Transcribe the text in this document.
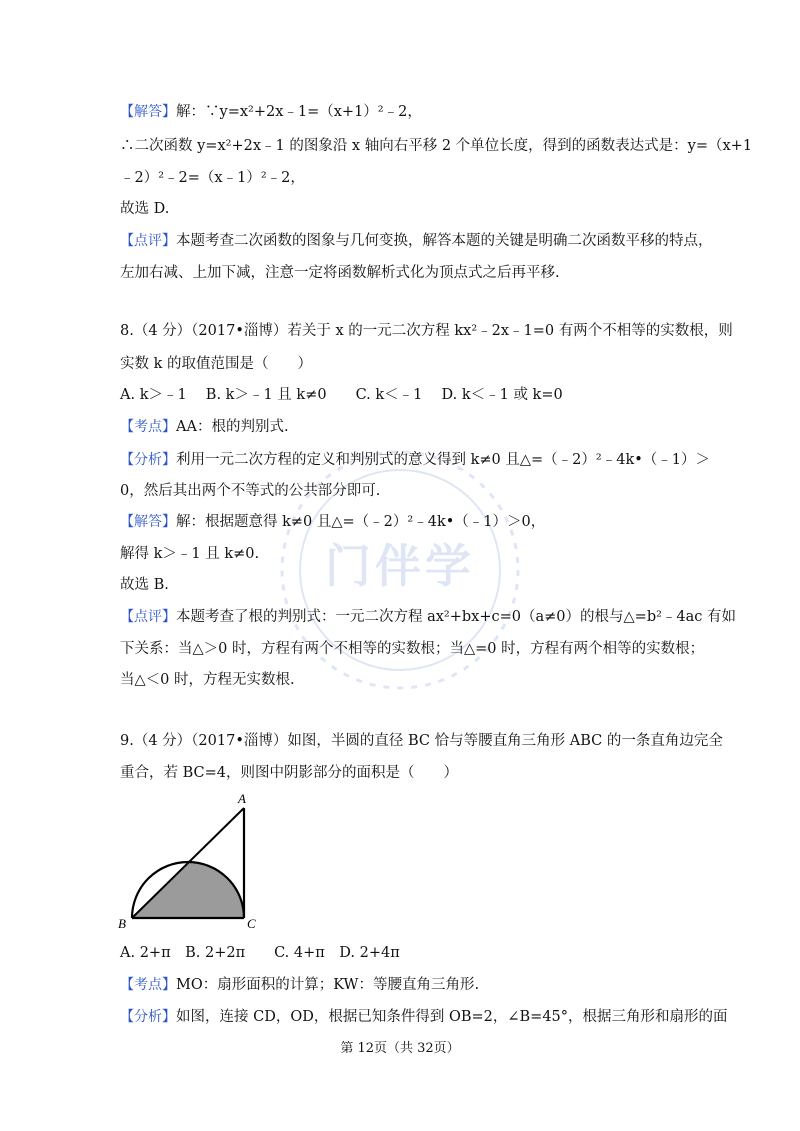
门伴学
【解答】解：∵y=x²+2x﹣1=（x+1）²﹣2，
∴二次函数 y=x²+2x﹣1 的图象沿 x 轴向右平移 2 个单位长度，得到的函数表达式是：y=（x+1
﹣2）²﹣2=（x﹣1）²﹣2，
故选 D.
【点评】本题考查二次函数的图象与几何变换，解答本题的关键是明确二次函数平移的特点，
左加右减、上加下减，注意一定将函数解析式化为顶点式之后再平移.
8.（4 分）（2017•淄博）若关于 x 的一元二次方程 kx²﹣2x﹣1=0 有两个不相等的实数根，则
实数 k 的取值范围是（　　）
A. k＞﹣1　 B. k＞﹣1 且 k≠0　　C. k＜﹣1　 D. k＜﹣1 或 k=0
【考点】AA：根的判别式.
【分析】利用一元二次方程的定义和判别式的意义得到 k≠0 且△=（﹣2）²﹣4k•（﹣1）＞
0，然后其出两个不等式的公共部分即可.
【解答】解：根据题意得 k≠0 且△=（﹣2）²﹣4k•（﹣1）＞0，
解得 k＞﹣1 且 k≠0.
故选 B.
【点评】本题考查了根的判别式：一元二次方程 ax²+bx+c=0（a≠0）的根与△=b²﹣4ac 有如
下关系：当△＞0 时，方程有两个不相等的实数根；当△=0 时，方程有两个相等的实数根；
当△＜0 时，方程无实数根.
9.（4 分）（2017•淄博）如图，半圆的直径 BC 恰与等腰直角三角形 ABC 的一条直角边完全
重合，若 BC=4，则图中阴影部分的面积是（　　）
A
B	C
A. 2+π　B. 2+2π　　C. 4+π　D. 2+4π
【考点】MO：扇形面积的计算；KW：等腰直角三角形.
【分析】如图，连接 CD，OD，根据已知条件得到 OB=2，∠B=45°，根据三角形和扇形的面
第 12页（共 32页）
